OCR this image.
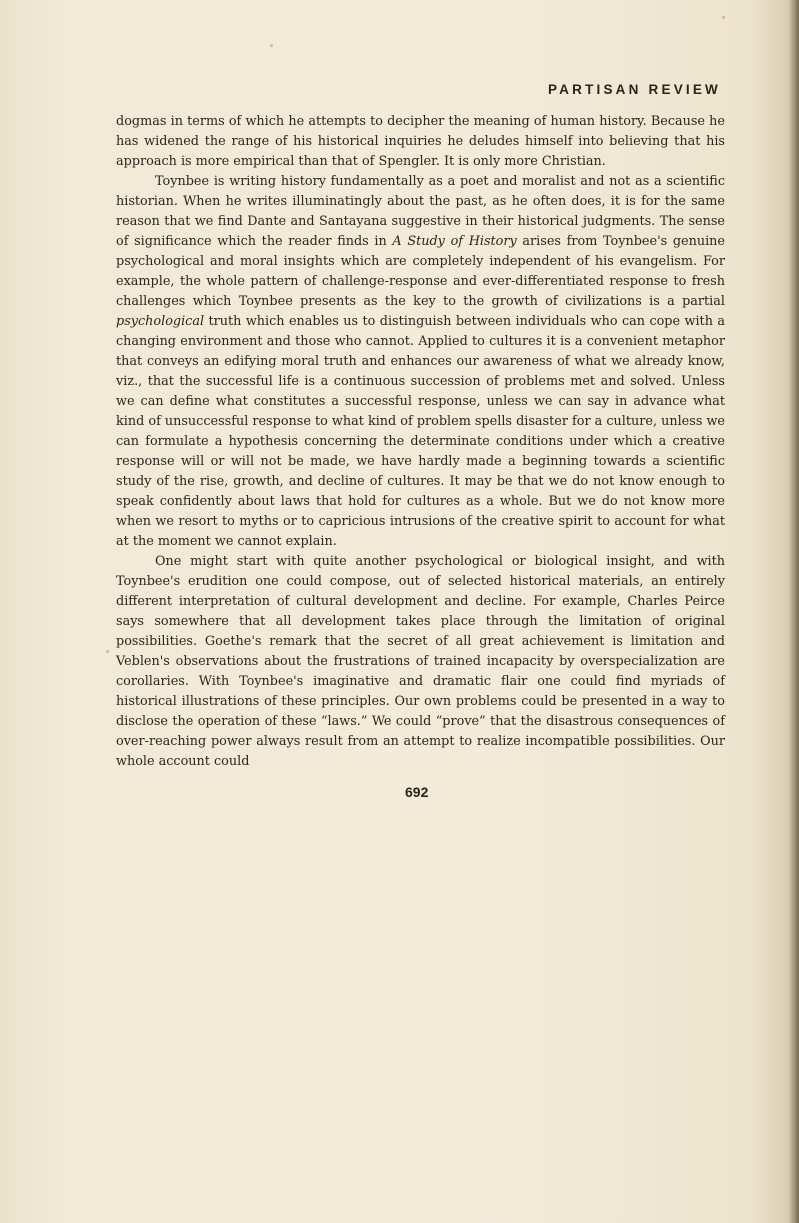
PARTISAN REVIEW

dogmas in terms of which he attempts to decipher the meaning of human history. Because he has widened the range of his historical inquiries he deludes himself into believing that his approach is more empirical than that of Spengler. It is only more Christian.

Toynbee is writing history fundamentally as a poet and moralist and not as a scientific historian. When he writes illuminatingly about the past, as he often does, it is for the same reason that we find Dante and Santayana suggestive in their historical judgments. The sense of significance which the reader finds in A Study of History arises from Toynbee's genuine psychological and moral insights which are completely independent of his evangelism. For example, the whole pattern of challenge-response and ever-differentiated response to fresh challenges which Toynbee presents as the key to the growth of civilizations is a partial psychological truth which enables us to distinguish between individuals who can cope with a changing environment and those who cannot. Applied to cultures it is a convenient metaphor that conveys an edifying moral truth and enhances our awareness of what we already know, viz., that the successful life is a continuous succession of problems met and solved. Unless we can define what constitutes a successful response, unless we can say in advance what kind of unsuccessful response to what kind of problem spells disaster for a culture, unless we can formulate a hypothesis concerning the determinate conditions under which a creative response will or will not be made, we have hardly made a beginning towards a scientific study of the rise, growth, and decline of cultures. It may be that we do not know enough to speak confidently about laws that hold for cultures as a whole. But we do not know more when we resort to myths or to capricious intrusions of the creative spirit to account for what at the moment we cannot explain.

One might start with quite another psychological or biological insight, and with Toynbee's erudition one could compose, out of selected historical materials, an entirely different interpretation of cultural development and decline. For example, Charles Peirce says somewhere that all development takes place through the limitation of original possibilities. Goethe's remark that the secret of all great achievement is limitation and Veblen's observations about the frustrations of trained incapacity by overspecialization are corollaries. With Toynbee's imaginative and dramatic flair one could find myriads of historical illustrations of these principles. Our own problems could be presented in a way to disclose the operation of these “laws.” We could “prove” that the disastrous consequences of over-reaching power always result from an attempt to realize incompatible possibilities. Our whole account could

692
